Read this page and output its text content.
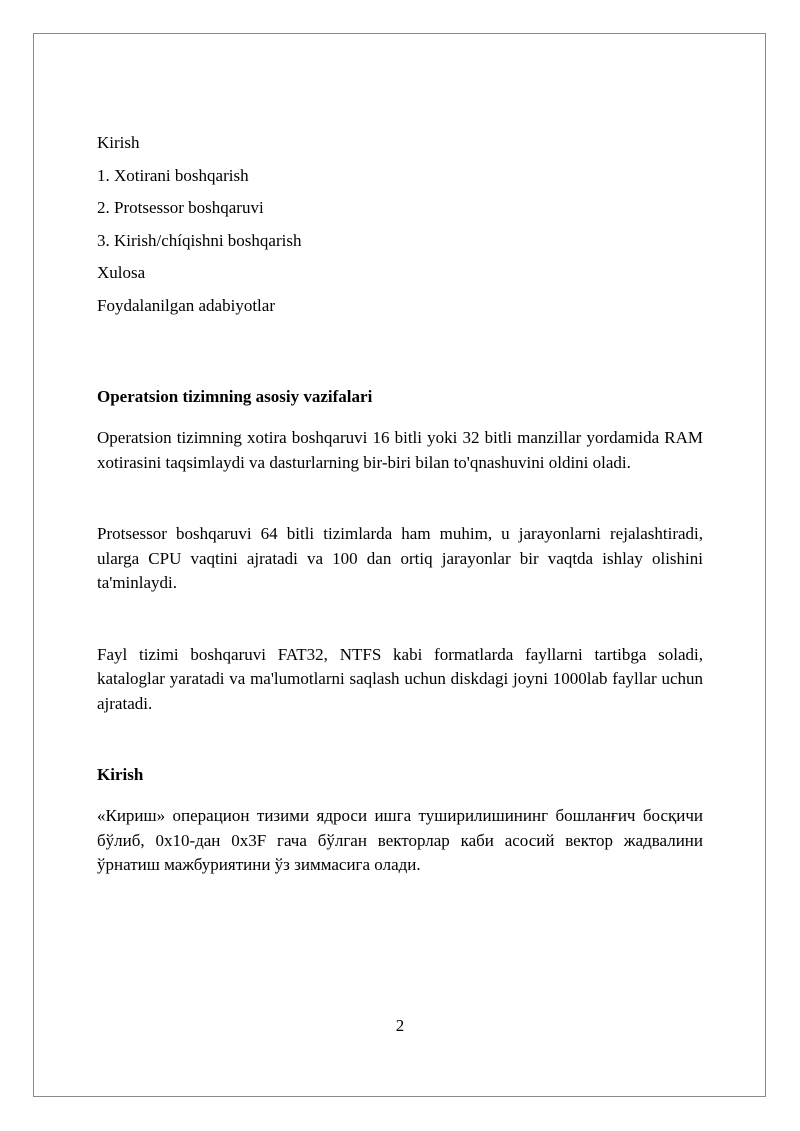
Kirish
1. Xotirani boshqarish
2. Protsessor boshqaruvi
3. Kirish/chíqishni boshqarish
Xulosa
Foydalanilgan adabiyotlar
Operatsion tizimning asosiy vazifalari
Operatsion tizimning xotira boshqaruvi 16 bitli yoki 32 bitli manzillar yordamida RAM xotirasini taqsimlaydi va dasturlarning bir-biri bilan to'qnashuvini oldini oladi.
Protsessor boshqaruvi 64 bitli tizimlarda ham muhim, u jarayonlarni rejalashtiradi, ularga CPU vaqtini ajratadi va 100 dan ortiq jarayonlar bir vaqtda ishlay olishini ta'minlaydi.
Fayl tizimi boshqaruvi FAT32, NTFS kabi formatlarda fayllarni tartibga soladi, kataloglar yaratadi va ma'lumotlarni saqlash uchun diskdagi joyni 1000lab fayllar uchun ajratadi.
Kirish
«Кириш» операцион тизими ядроси ишга туширилишининг бошланғич босқичи бўлиб, 0x10-дан 0x3F гача бўлган векторлар каби асосий вектор жадвалини ўрнатиш мажбуриятини ўз зиммасига олади.
2
